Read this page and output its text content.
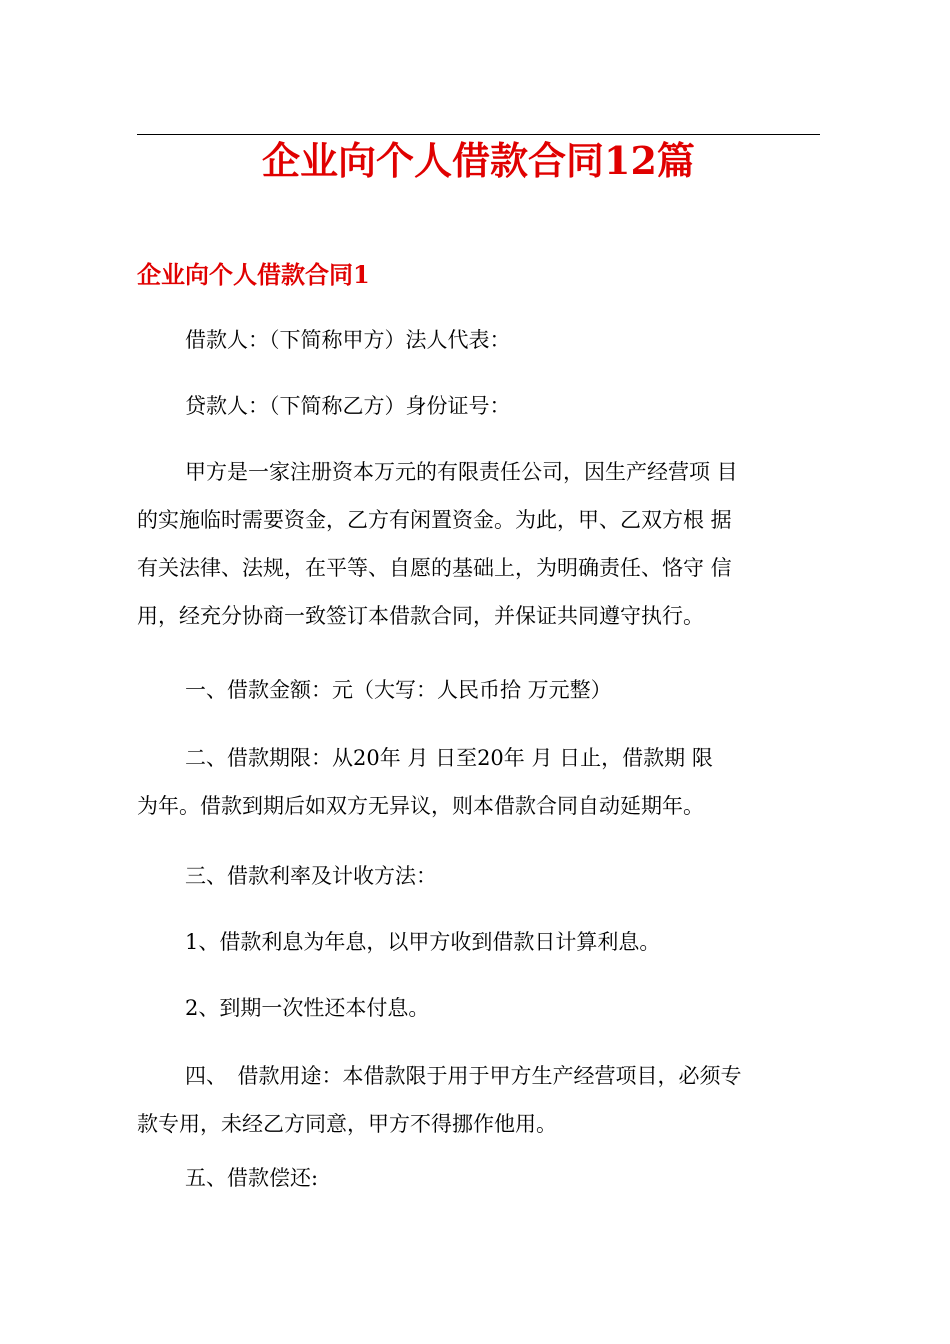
企业向个人借款合同12篇
企业向个人借款合同1

借款人：（下简称甲方）法人代表：

贷款人：（下简称乙方）身份证号：

甲方是一家注册资本万元的有限责任公司，因生产经营项 目
的实施临时需要资金，乙方有闲置资金。为此，甲、乙双方根 据
有关法律、法规，在平等、自愿的基础上，为明确责任、恪守 信
用，经充分协商一致签订本借款合同，并保证共同遵守执行。

一、借款金额：元（大写：人民币拾 万元整）

二、借款期限：从20年 月 日至20年 月 日止，借款期 限
为年。借款到期后如双方无异议，则本借款合同自动延期年。

三、借款利率及计收方法：

1、借款利息为年息，以甲方收到借款日计算利息。

2、到期一次性还本付息。

四、　借款用途：本借款限于用于甲方生产经营项目，必须专
款专用，未经乙方同意，甲方不得挪作他用。

五、借款偿还:
